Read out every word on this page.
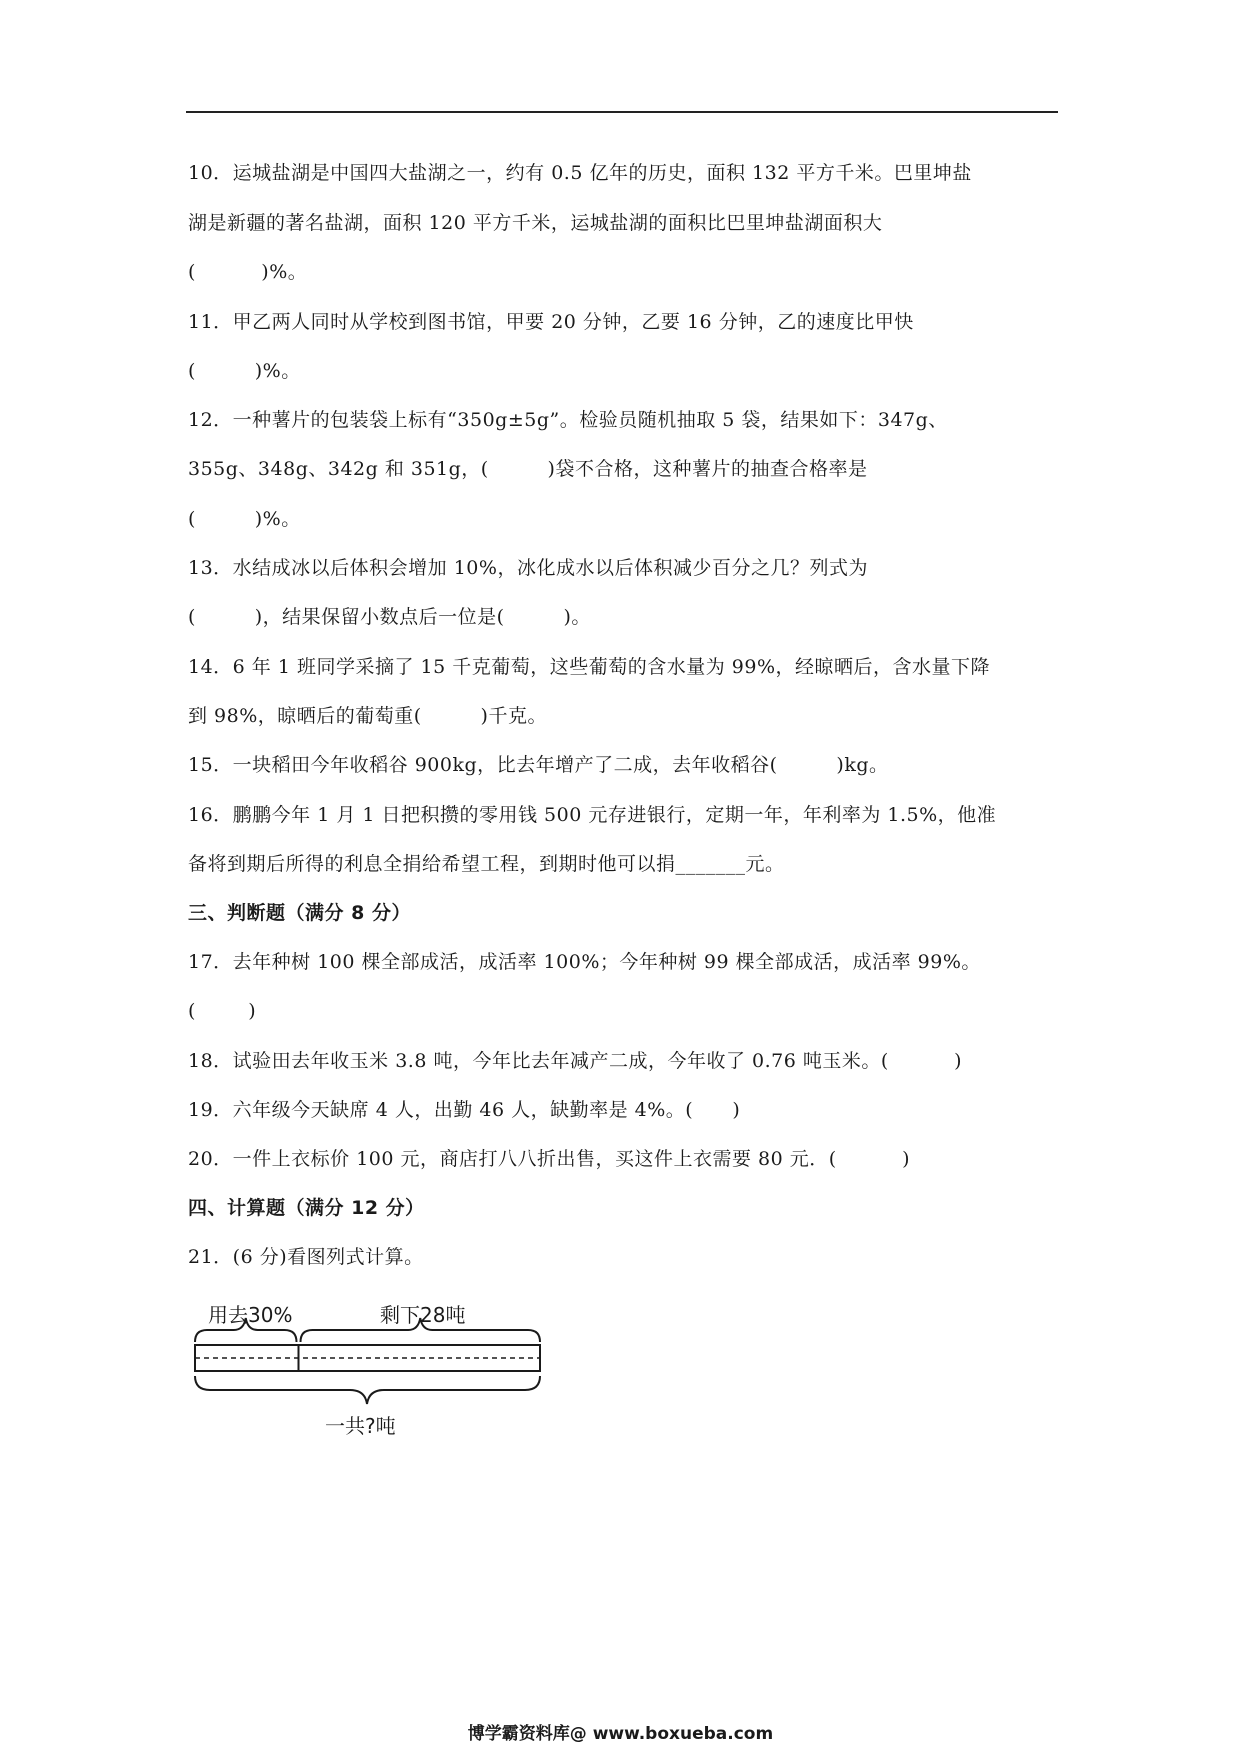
10．运城盐湖是中国四大盐湖之一，约有 0.5 亿年的历史，面积 132 平方千米。巴里坤盐
湖是新疆的著名盐湖，面积 120 平方千米，运城盐湖的面积比巴里坤盐湖面积大
(          )%。
11．甲乙两人同时从学校到图书馆，甲要 20 分钟，乙要 16 分钟，乙的速度比甲快
(         )%。
12．一种薯片的包装袋上标有“350g±5g”。检验员随机抽取 5 袋，结果如下：347g、
355g、348g、342g 和 351g，(         )袋不合格，这种薯片的抽查合格率是
(         )%。
13．水结成冰以后体积会增加 10%，冰化成水以后体积减少百分之几？列式为
(         )，结果保留小数点后一位是(         )。
14．6 年 1 班同学采摘了 15 千克葡萄，这些葡萄的含水量为 99%，经晾晒后，含水量下降
到 98%，晾晒后的葡萄重(         )千克。
15．一块稻田今年收稻谷 900kg，比去年增产了二成，去年收稻谷(         )kg。
16．鹏鹏今年 1 月 1 日把积攒的零用钱 500 元存进银行，定期一年，年利率为 1.5%，他准
备将到期后所得的利息全捐给希望工程，到期时他可以捐_______元。
三、判断题（满分 8 分）
17．去年种树 100 棵全部成活，成活率 100%；今年种树 99 棵全部成活，成活率 99%。
(        )
18．试验田去年收玉米 3.8 吨，今年比去年减产二成，今年收了 0.76 吨玉米。(          )
19．六年级今天缺席 4 人，出勤 46 人，缺勤率是 4%。(      )
20．一件上衣标价 100 元，商店打八八折出售，买这件上衣需要 80 元．(          )
四、计算题（满分 12 分）
21．(6 分)看图列式计算。
用去30%	剩下28吨
一共?吨
博学霸资料库@ www.boxueba.com
